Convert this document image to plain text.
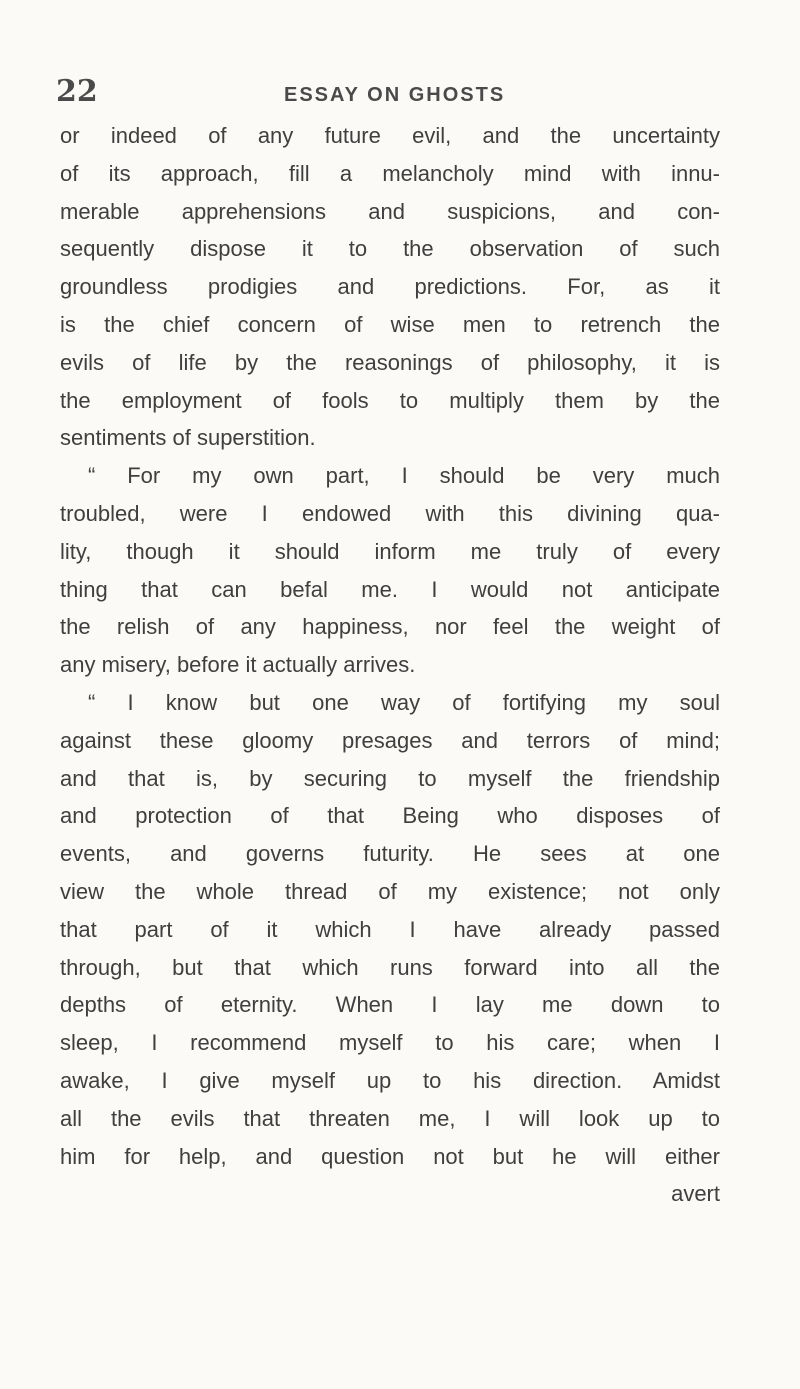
22	ESSAY ON GHOSTS
or indeed of any future evil, and the uncertainty
of its approach, fill a melancholy mind with innu-
merable apprehensions and suspicions, and con-
sequently dispose it to the observation of such
groundless prodigies and predictions. For, as it
is the chief concern of wise men to retrench the
evils of life by the reasonings of philosophy, it is
the employment of fools to multiply them by the
sentiments of superstition.
“ For my own part, I should be very much
troubled, were I endowed with this divining qua-
lity, though it should inform me truly of every
thing that can befal me. I would not anticipate
the relish of any happiness, nor feel the weight of
any misery, before it actually arrives.
“ I know but one way of fortifying my soul
against these gloomy presages and terrors of mind;
and that is, by securing to myself the friendship
and protection of that Being who disposes of
events, and governs futurity. He sees at one
view the whole thread of my existence; not only
that part of it which I have already passed
through, but that which runs forward into all the
depths of eternity. When I lay me down to
sleep, I recommend myself to his care; when I
awake, I give myself up to his direction. Amidst
all the evils that threaten me, I will look up to
him for help, and question not but he will either
avert
